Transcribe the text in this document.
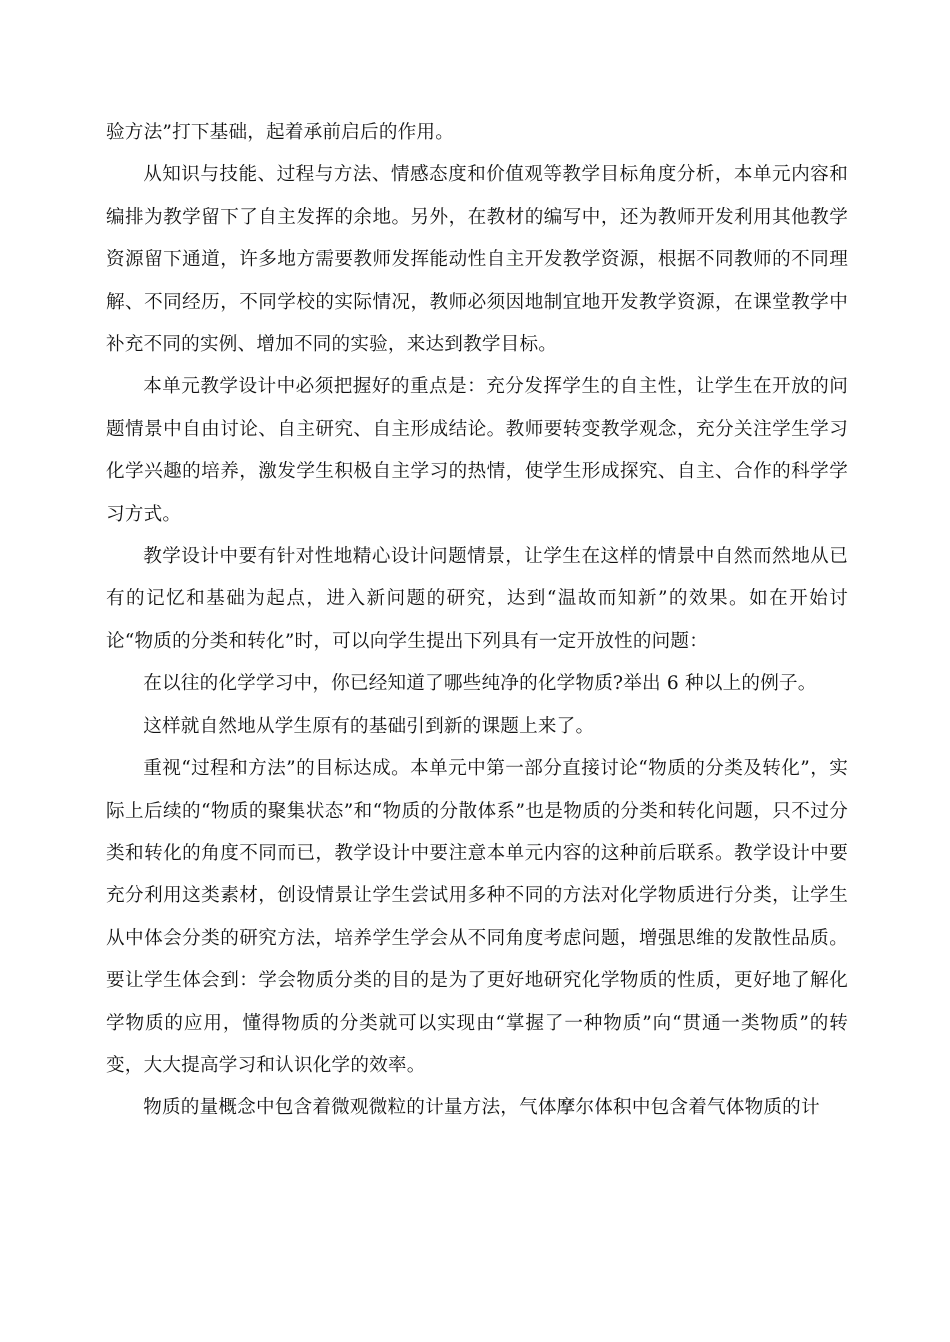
验方法”打下基础，起着承前启后的作用。

从知识与技能、过程与方法、情感态度和价值观等教学目标角度分析，本单元内容和编排为教学留下了自主发挥的余地。另外，在教材的编写中，还为教师开发利用其他教学资源留下通道，许多地方需要教师发挥能动性自主开发教学资源，根据不同教师的不同理解、不同经历，不同学校的实际情况，教师必须因地制宜地开发教学资源，在课堂教学中补充不同的实例、增加不同的实验，来达到教学目标。

本单元教学设计中必须把握好的重点是：充分发挥学生的自主性，让学生在开放的问题情景中自由讨论、自主研究、自主形成结论。教师要转变教学观念，充分关注学生学习化学兴趣的培养，激发学生积极自主学习的热情，使学生形成探究、自主、合作的科学学习方式。

教学设计中要有针对性地精心设计问题情景，让学生在这样的情景中自然而然地从已有的记忆和基础为起点，进入新问题的研究，达到“温故而知新”的效果。如在开始讨论“物质的分类和转化”时，可以向学生提出下列具有一定开放性的问题：

在以往的化学学习中，你已经知道了哪些纯净的化学物质?举出 6 种以上的例子。

这样就自然地从学生原有的基础引到新的课题上来了。

重视“过程和方法”的目标达成。本单元中第一部分直接讨论“物质的分类及转化”，实际上后续的“物质的聚集状态”和“物质的分散体系”也是物质的分类和转化问题，只不过分类和转化的角度不同而已，教学设计中要注意本单元内容的这种前后联系。教学设计中要充分利用这类素材，创设情景让学生尝试用多种不同的方法对化学物质进行分类，让学生从中体会分类的研究方法，培养学生学会从不同角度考虑问题，增强思维的发散性品质。要让学生体会到：学会物质分类的目的是为了更好地研究化学物质的性质，更好地了解化学物质的应用，懂得物质的分类就可以实现由“掌握了一种物质”向“贯通一类物质”的转变，大大提高学习和认识化学的效率。

物质的量概念中包含着微观微粒的计量方法，气体摩尔体积中包含着气体物质的计
